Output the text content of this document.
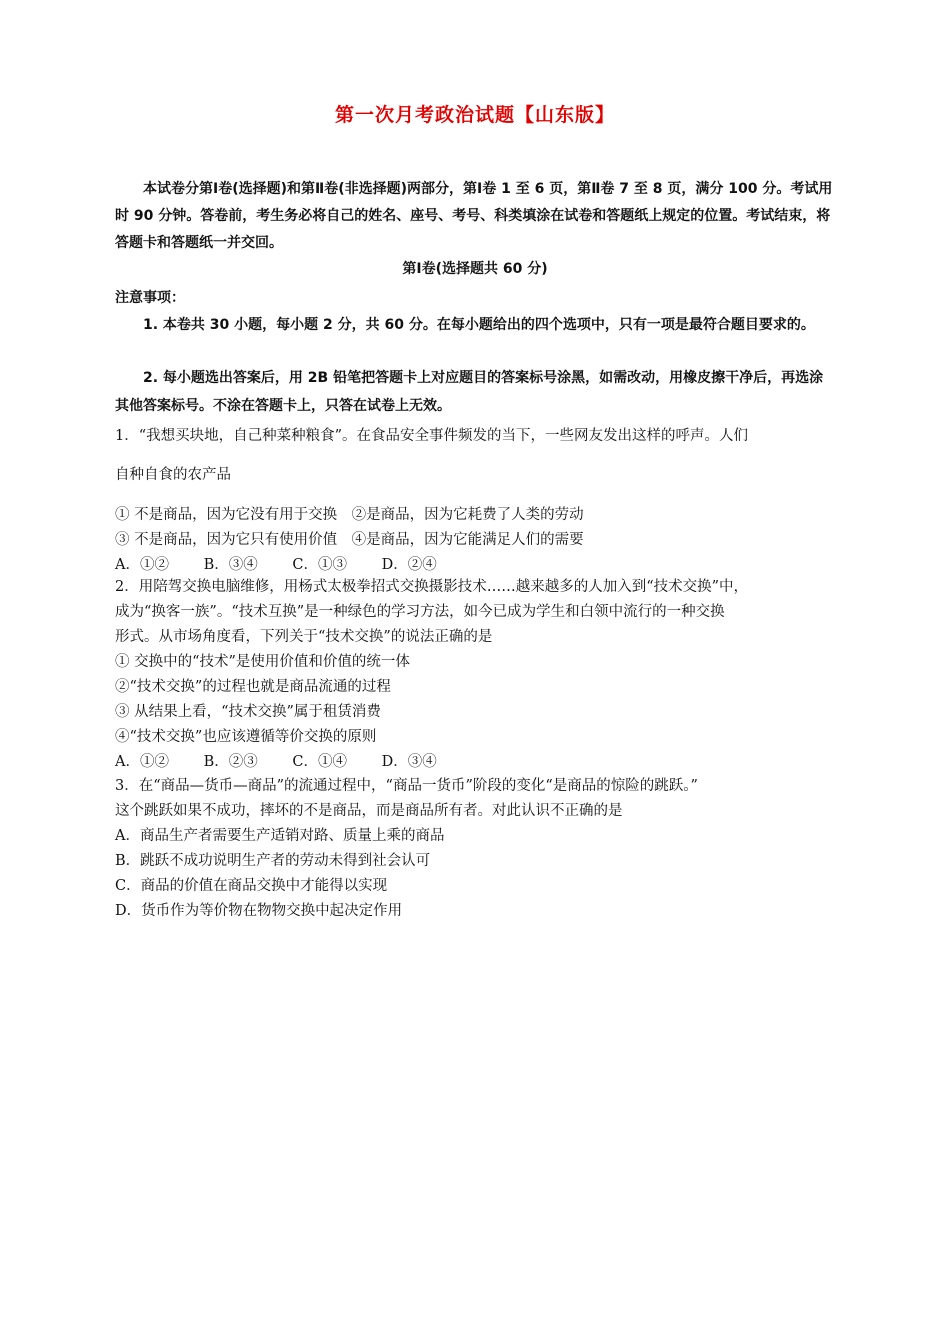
第一次月考政治试题【山东版】
本试卷分第Ⅰ卷(选择题)和第Ⅱ卷(非选择题)两部分，第Ⅰ卷 1 至 6 页，第Ⅱ卷 7 至 8 页，满分 100 分。考试用时 90 分钟。答卷前，考生务必将自己的姓名、座号、考号、科类填涂在试卷和答题纸上规定的位置。考试结束，将答题卡和答题纸一并交回。
第Ⅰ卷(选择题共 60 分)
注意事项：
1. 本卷共 30 小题，每小题 2 分，共 60 分。在每小题给出的四个选项中，只有一项是最符合题目要求的。
2. 每小题选出答案后，用 2B 铅笔把答题卡上对应题目的答案标号涂黑，如需改动，用橡皮擦干净后，再选涂其他答案标号。不涂在答题卡上，只答在试卷上无效。
1．“我想买块地，自己种菜种粮食”。在食品安全事件频发的当下，一些网友发出这样的呼声。人们
自种自食的农产品
① 不是商品，因为它没有用于交换　②是商品，因为它耗费了人类的劳动
③ 不是商品，因为它只有使用价值　④是商品，因为它能满足人们的需要
A．①② B．③④ C．①③ D．②④
2．用陪驾交换电脑维修，用杨式太极拳招式交换摄影技术……越来越多的人加入到“技术交换”中，
成为“换客一族”。“技术互换”是一种绿色的学习方法，如今已成为学生和白领中流行的一种交换
形式。从市场角度看，下列关于“技术交换”的说法正确的是
① 交换中的“技术”是使用价值和价值的统一体
②“技术交换”的过程也就是商品流通的过程
③ 从结果上看，“技术交换”属于租赁消费
④“技术交换”也应该遵循等价交换的原则
A．①② B．②③ C．①④ D．③④
3．在“商品—货币—商品”的流通过程中，“商品一货币”阶段的变化“是商品的惊险的跳跃。”
这个跳跃如果不成功，摔坏的不是商品，而是商品所有者。对此认识不正确的是
A．商品生产者需要生产适销对路、质量上乘的商品
B．跳跃不成功说明生产者的劳动未得到社会认可
C．商品的价值在商品交换中才能得以实现
D．货币作为等价物在物物交换中起决定作用
